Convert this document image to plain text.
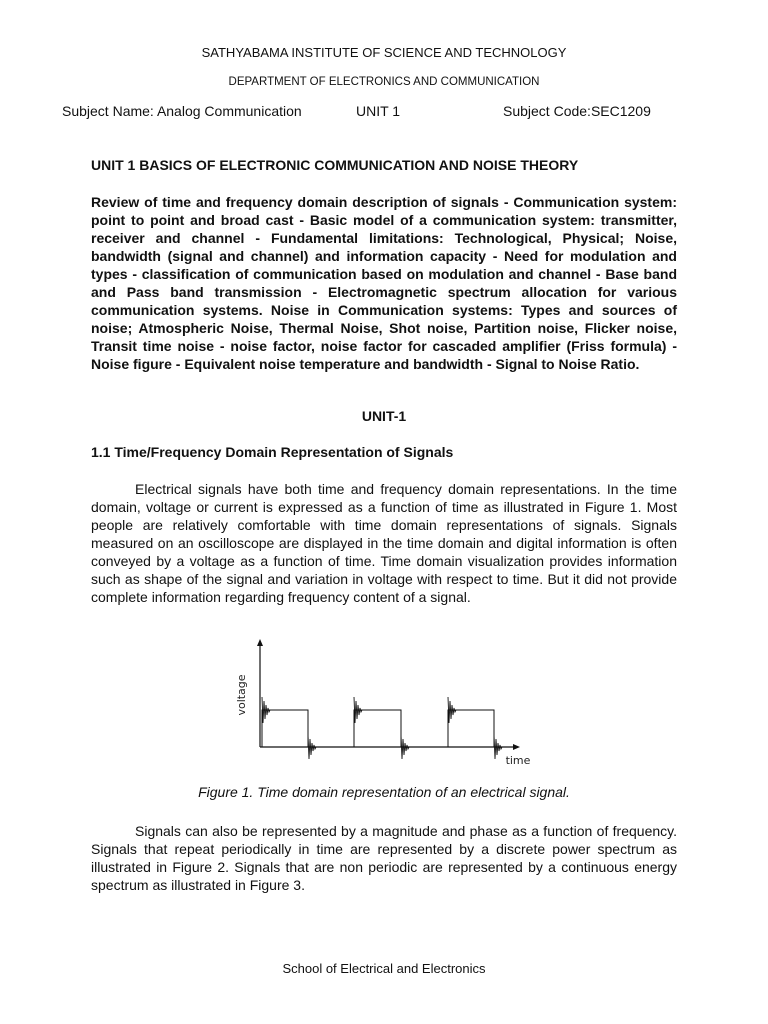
SATHYABAMA INSTITUTE OF SCIENCE AND TECHNOLOGY
DEPARTMENT OF ELECTRONICS AND COMMUNICATION
Subject Name: Analog Communication	UNIT 1	Subject Code:SEC1209
UNIT 1 BASICS OF ELECTRONIC COMMUNICATION AND NOISE THEORY
Review of time and frequency domain description of signals - Communication system: point to point and broad cast - Basic model of a communication system: transmitter, receiver and channel - Fundamental limitations: Technological, Physical; Noise, bandwidth (signal and channel) and information capacity - Need for modulation and types - classification of communication based on modulation and channel - Base band and Pass band transmission - Electromagnetic spectrum allocation for various communication systems. Noise in Communication systems: Types and sources of noise; Atmospheric Noise, Thermal Noise, Shot noise, Partition noise, Flicker noise, Transit time noise - noise factor, noise factor for cascaded amplifier (Friss formula) -Noise figure - Equivalent noise temperature and bandwidth - Signal to Noise Ratio.
UNIT-1
1.1 Time/Frequency Domain Representation of Signals
Electrical signals have both time and frequency domain representations. In the time domain, voltage or current is expressed as a function of time as illustrated in Figure 1. Most people are relatively comfortable with time domain representations of signals. Signals measured on an oscilloscope are displayed in the time domain and digital information is often conveyed by a voltage as a function of time. Time domain visualization provides information such as shape of the signal and variation in voltage with respect to time. But it did not provide complete information regarding frequency content of a signal.
voltage
time
Figure 1. Time domain representation of an electrical signal.
Signals can also be represented by a magnitude and phase as a function of frequency. Signals that repeat periodically in time are represented by a discrete power spectrum as illustrated in Figure 2. Signals that are non periodic are represented by a continuous energy spectrum as illustrated in Figure 3.
School of Electrical and Electronics
